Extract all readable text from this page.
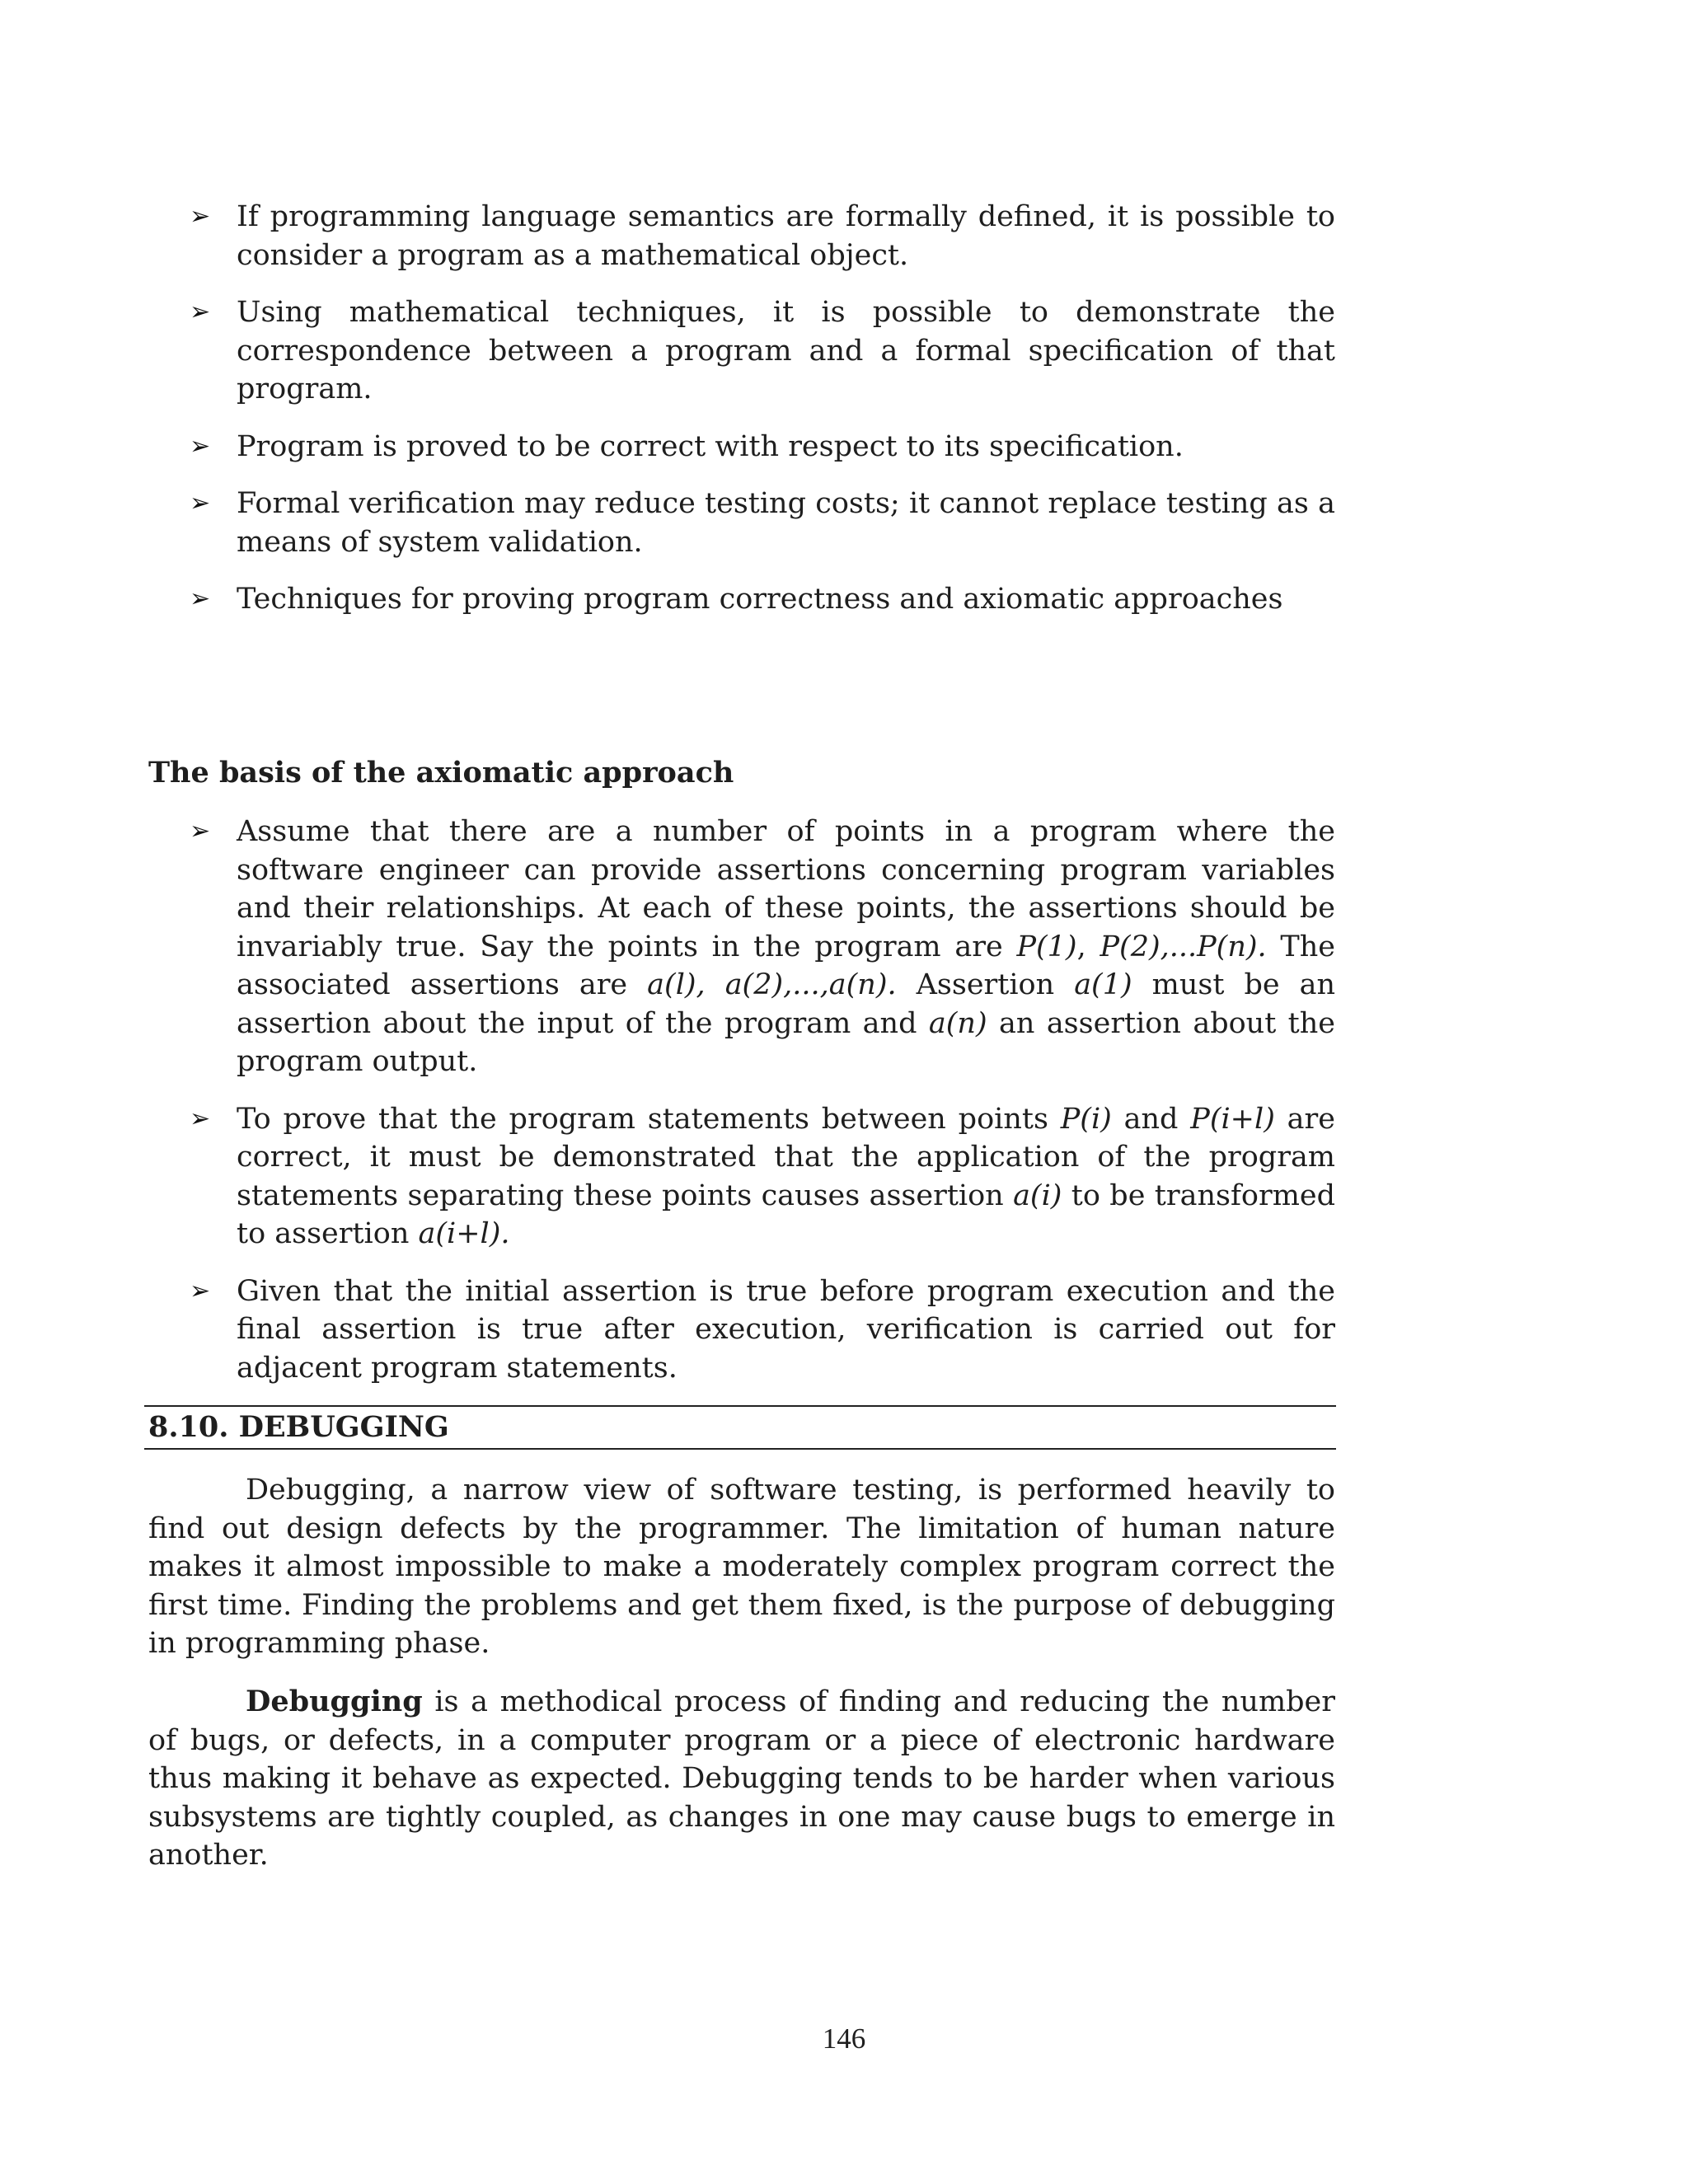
➢ If programming language semantics are formally defined, it is possible to consider a program as a mathematical object.
➢ Using mathematical techniques, it is possible to demonstrate the correspondence between a program and a formal specification of that program.
➢ Program is proved to be correct with respect to its specification.
➢ Formal verification may reduce testing costs; it cannot replace testing as a means of system validation.
➢ Techniques for proving program correctness and axiomatic approaches
The basis of the axiomatic approach
➢ Assume that there are a number of points in a program where the software engineer can provide assertions concerning program variables and their relationships. At each of these points, the assertions should be invariably true. Say the points in the program are P(1), P(2),...P(n). The associated assertions are a(l), a(2),...,a(n). Assertion a(1) must be an assertion about the input of the program and a(n) an assertion about the program output.
➢ To prove that the program statements between points P(i) and P(i+l) are correct, it must be demonstrated that the application of the program statements separating these points causes assertion a(i) to be transformed to assertion a(i+l).
➢ Given that the initial assertion is true before program execution and the final assertion is true after execution, verification is carried out for adjacent program statements.
8.10. DEBUGGING

Debugging, a narrow view of software testing, is performed heavily to find out design defects by the programmer. The limitation of human nature makes it almost impossible to make a moderately complex program correct the first time. Finding the problems and get them fixed, is the purpose of debugging in programming phase.

Debugging is a methodical process of finding and reducing the number of bugs, or defects, in a computer program or a piece of electronic hardware thus making it behave as expected. Debugging tends to be harder when various subsystems are tightly coupled, as changes in one may cause bugs to emerge in another.

146
